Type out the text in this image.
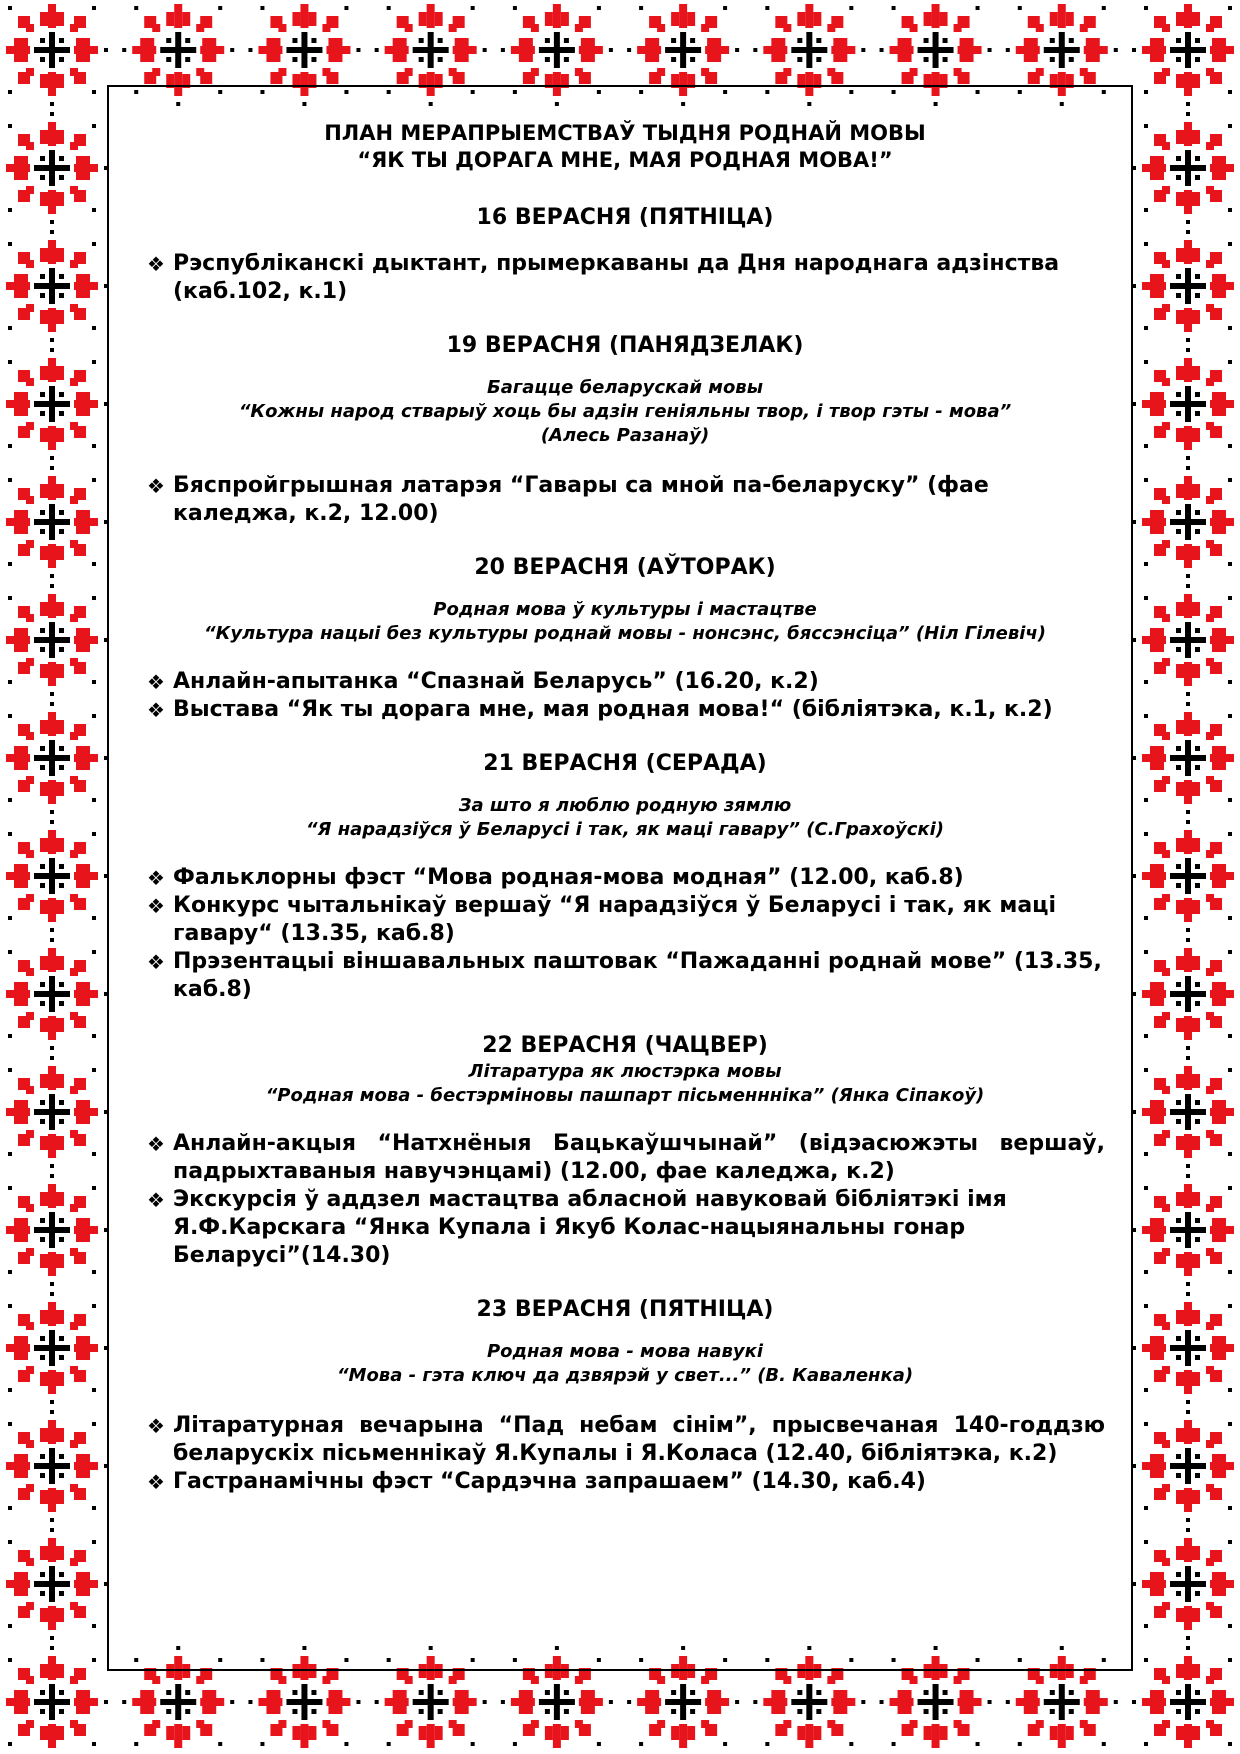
ПЛАН МЕРАПРЫЕМСТВАЎ ТЫДНЯ РОДНАЙ МОВЫ

“ЯК ТЫ ДОРАГА МНЕ, МАЯ РОДНАЯ МОВА!”

16 ВЕРАСНЯ (ПЯТНІЦА)
❖ Рэспубліканскі дыктант, прымеркаваны да Дня народнага адзінства (каб.102, к.1)
19 ВЕРАСНЯ (ПАНЯДЗЕЛАК)
Багацце беларускай мовы
“Кожны народ стварыў хоць бы адзін геніяльны твор, і твор гэты - мова”
(Алесь Разанаў)
❖ Бяспройгрышная латарэя “Гавары са мной па-беларуску” (фае каледжа, к.2, 12.00)
20 ВЕРАСНЯ (АЎТОРАК)
Родная мова ў культуры і мастацтве
“Культура нацыі без культуры роднай мовы - нонсэнс, бяссэнсіца” (Ніл Гілевіч)
❖ Анлайн-апытанка “Спазнай Беларусь” (16.20, к.2)
❖ Выстава “Як ты дорага мне, мая родная мова!“ (бібліятэка, к.1, к.2)
21 ВЕРАСНЯ (СЕРАДА)
За што я люблю родную зямлю
“Я нарадзіўся ў Беларусі і так, як маці гавару” (С.Грахоўскі)
❖ Фальклорны фэст “Мова родная-мова модная” (12.00, каб.8)
❖ Конкурс чытальнікаў вершаў “Я нарадзіўся ў Беларусі і так, як маці гавару“ (13.35, каб.8)
❖ Прэзентацыі віншавальных паштовак “Пажаданні роднай мове” (13.35, каб.8)
22 ВЕРАСНЯ (ЧАЦВЕР)
Літаратура як люстэрка мовы
“Родная мова - бестэрміновы пашпарт пісьменнніка” (Янка Сіпакоў)
❖ Анлайн-акцыя “Натхнёныя Бацькаўшчынай” (відэасюжэты вершаў, падрыхтаваныя навучэнцамі) (12.00, фае каледжа, к.2)
❖ Экскурсія ў аддзел мастацтва абласной навуковай бібліятэкі імя Я.Ф.Карскага “Янка Купала і Якуб Колас-нацыянальны гонар Беларусі”(14.30)
23 ВЕРАСНЯ (ПЯТНІЦА)
Родная мова - мова навукі
“Мова - гэта ключ да дзвярэй у свет...” (В. Каваленка)
❖ Літаратурная вечарына “Пад небам сінім”, прысвечаная 140-годдзю беларускіх пісьменнікаў Я.Купалы і Я.Коласа (12.40, бібліятэка, к.2)
❖ Гастранамічны фэст “Сардэчна запрашаем” (14.30, каб.4)
